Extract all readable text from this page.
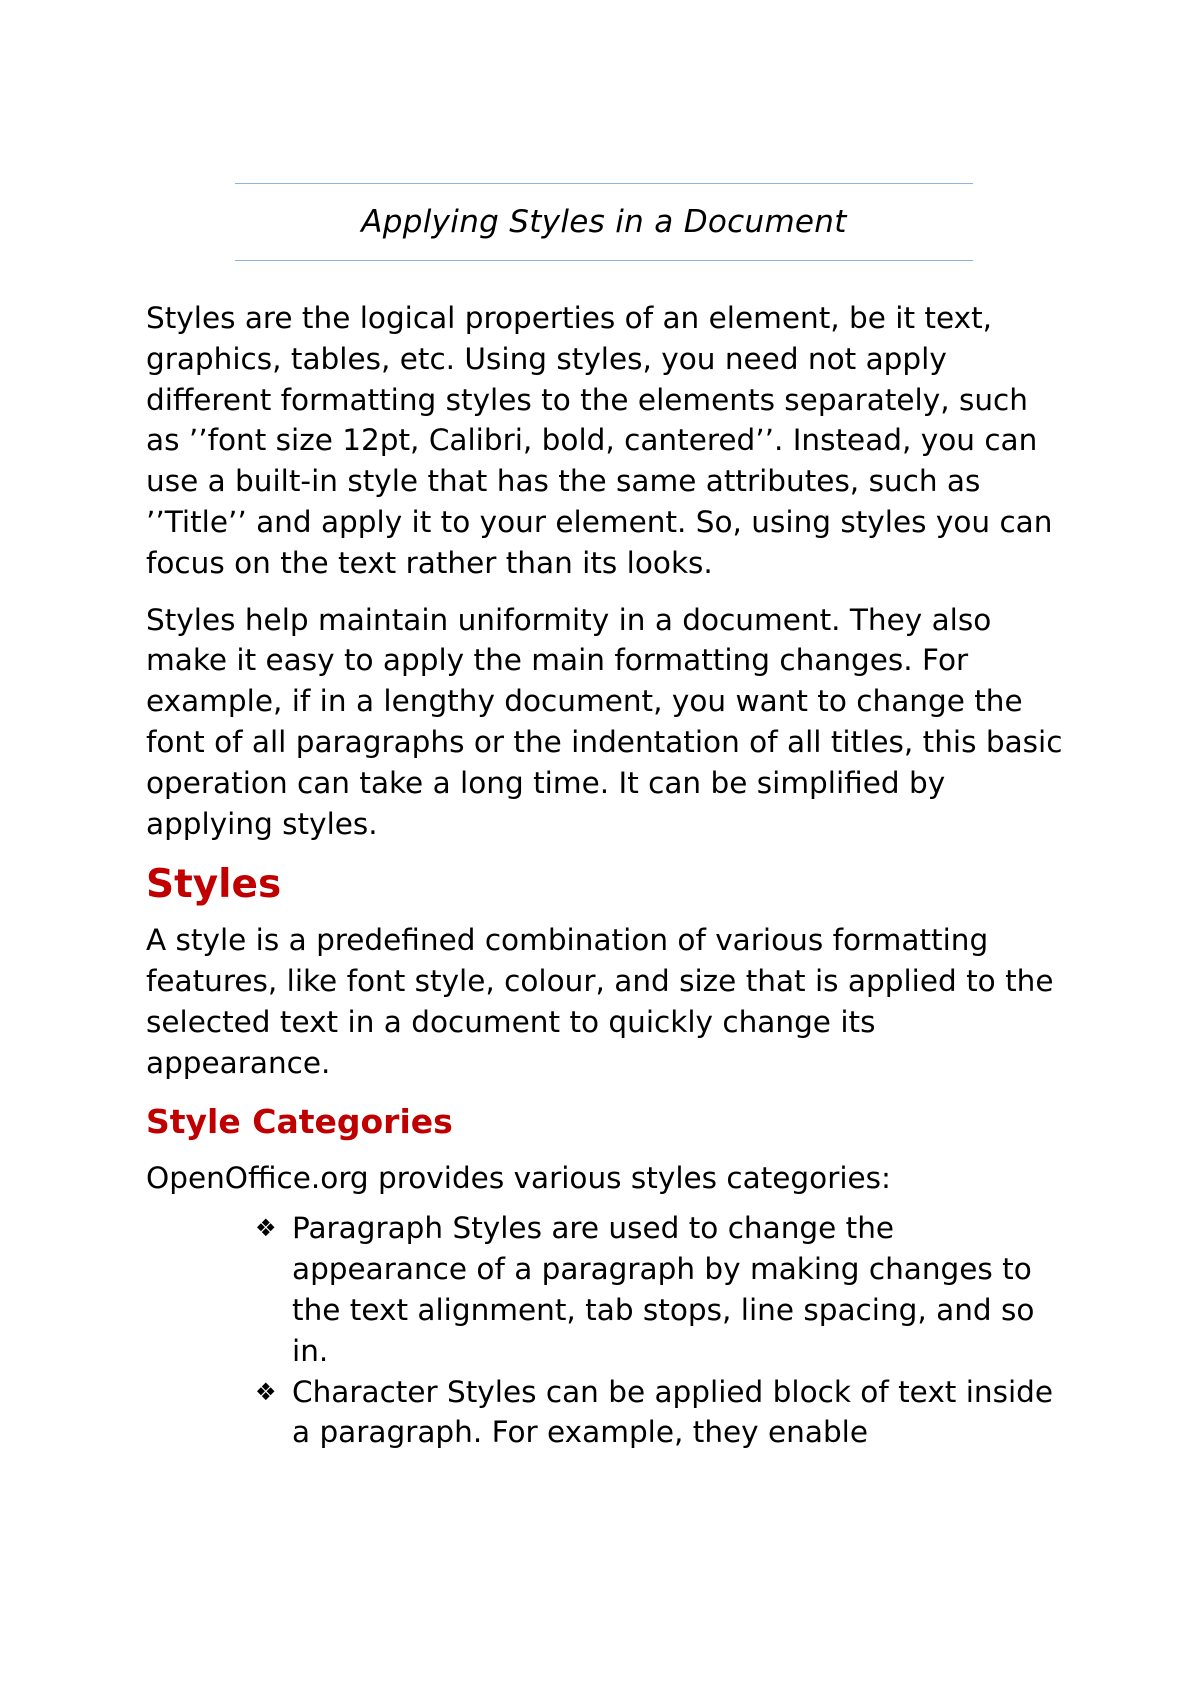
Applying Styles in a Document

Styles are the logical properties of an element, be it text, graphics, tables, etc. Using styles, you need not apply different formatting styles to the elements separately, such as ’’font size 12pt, Calibri, bold, cantered’’. Instead, you can use a built-in style that has the same attributes, such as ’’Title’’ and apply it to your element. So, using styles you can focus on the text rather than its looks.

Styles help maintain uniformity in a document. They also make it easy to apply the main formatting changes. For example, if in a lengthy document, you want to change the font of all paragraphs or the indentation of all titles, this basic operation can take a long time. It can be simplified by applying styles.

Styles

A style is a predefined combination of various formatting features, like font style, colour, and size that is applied to the selected text in a document to quickly change its appearance.

Style Categories

OpenOffice.org provides various styles categories:

❖ Paragraph Styles are used to change the appearance of a paragraph by making changes to the text alignment, tab stops, line spacing, and so in.
❖ Character Styles can be applied block of text inside a paragraph. For example, they enable
